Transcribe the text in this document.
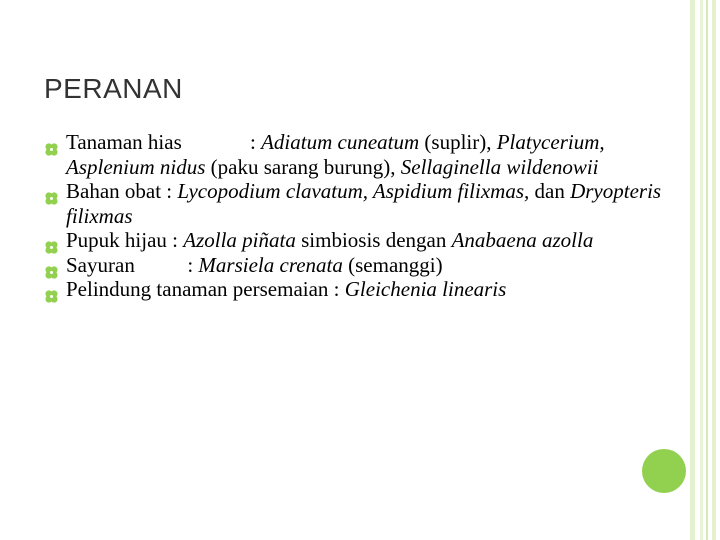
PERANAN
Tanaman hias             : Adiatum cuneatum (suplir), Platycerium, Asplenium nidus (paku sarang burung), Sellaginella wildenowii
Bahan obat : Lycopodium clavatum, Aspidium filixmas, dan Dryopteris filixmas
Pupuk hijau : Azolla piñata simbiosis dengan Anabaena azolla
Sayuran          : Marsiela crenata (semanggi)
Pelindung tanaman persemaian : Gleichenia linearis
